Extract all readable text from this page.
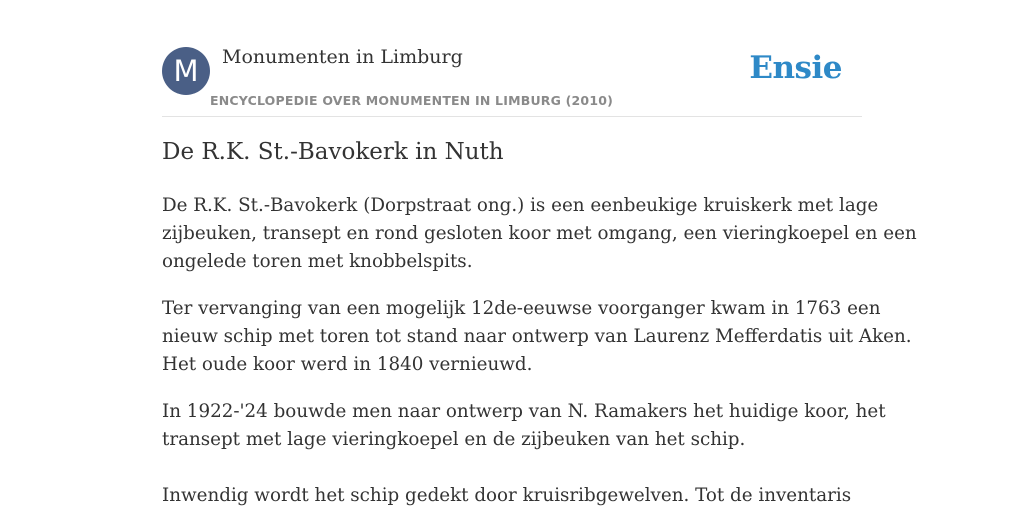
M	Monumenten in Limburg
ENCYCLOPEDIE OVER MONUMENTEN IN LIMBURG (2010)
Ensie
De R.K. St.-Bavokerk in Nuth

De R.K. St.-Bavokerk (Dorpstraat ong.) is een eenbeukige kruiskerk met lage
zijbeuken, transept en rond gesloten koor met omgang, een vieringkoepel en een
ongelede toren met knobbelspits.

Ter vervanging van een mogelijk 12de-eeuwse voorganger kwam in 1763 een
nieuw schip met toren tot stand naar ontwerp van Laurenz Mefferdatis uit Aken.
Het oude koor werd in 1840 vernieuwd.

In 1922-'24 bouwde men naar ontwerp van N. Ramakers het huidige koor, het
transept met lage vieringkoepel en de zijbeuken van het schip.

Inwendig wordt het schip gedekt door kruisribgewelven. Tot de inventaris
